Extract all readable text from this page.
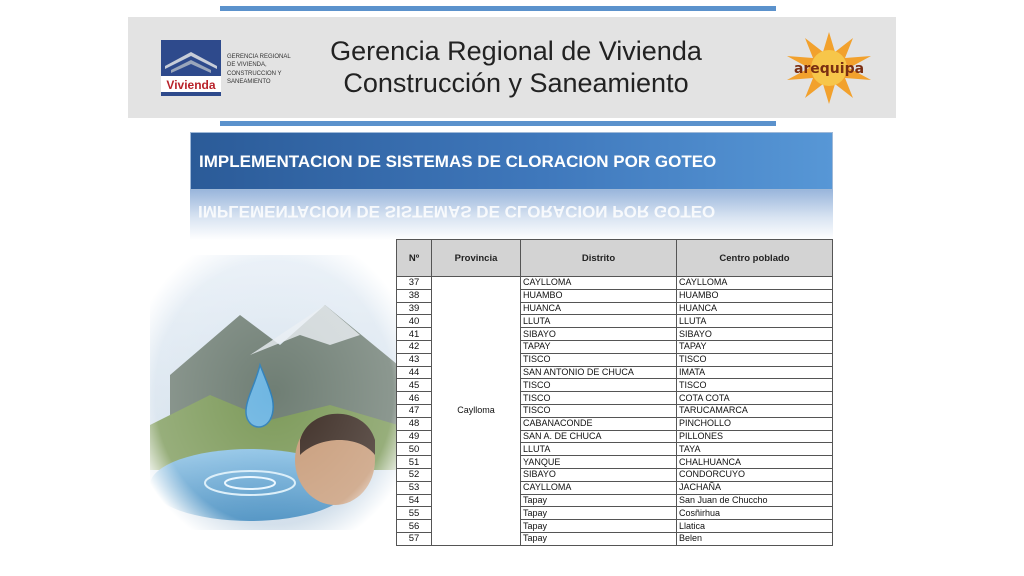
Vivienda
GERENCIA REGIONAL DE VIVIENDA, CONSTRUCCION Y SANEAMIENTO
Gerencia Regional de Vivienda
Construcción y Saneamiento	arequipa
IMPLEMENTACION DE SISTEMAS DE CLORACION POR GOTEO
IMPLEMENTACION DE SISTEMAS DE CLORACION POR GOTEO
Nº	Provincia	Distrito	Centro poblado
37	Caylloma	CAYLLOMA	CAYLLOMA
38		HUAMBO	HUAMBO
39		HUANCA	HUANCA
40		LLUTA	LLUTA
41		SIBAYO	SIBAYO
42		TAPAY	TAPAY
43		TISCO	TISCO
44		SAN ANTONIO DE CHUCA	IMATA
45		TISCO	TISCO
46		TISCO	COTA COTA
47		TISCO	TARUCAMARCA
48		CABANACONDE	PINCHOLLO
49		SAN A. DE CHUCA	PILLONES
50		LLUTA	TAYA
51		YANQUE	CHALHUANCA
52		SIBAYO	CONDORCUYO
53		CAYLLOMA	JACHAÑA
54		Tapay	San Juan de Chuccho
55		Tapay	Cosñirhua
56		Tapay	Llatica
57		Tapay	Belen
